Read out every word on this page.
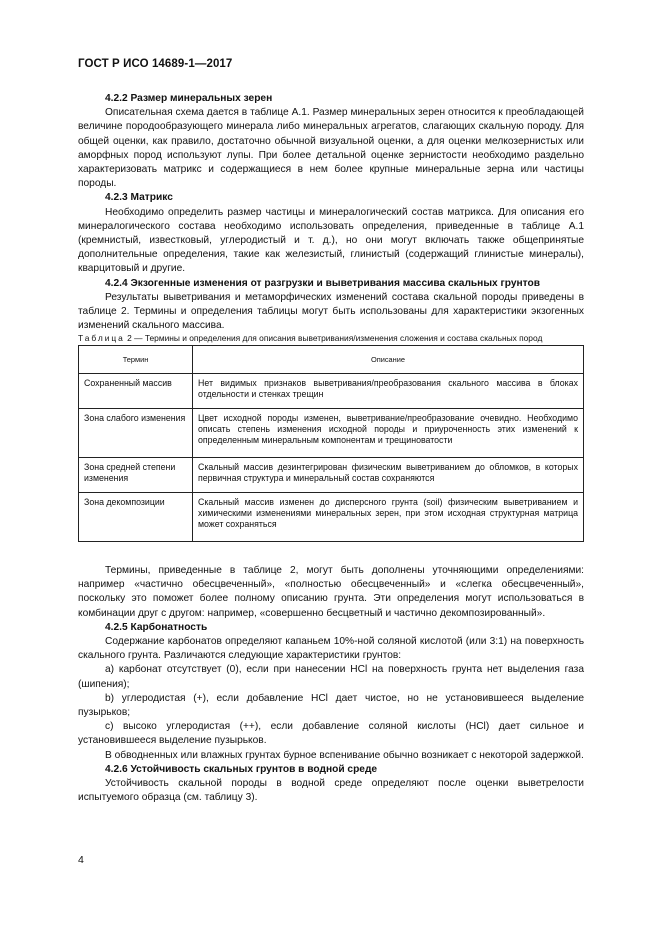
ГОСТ Р ИСО 14689-1—2017

4.2.2 Размер минеральных зерен

Описательная схема дается в таблице А.1. Размер минеральных зерен относится к преобладающей величине породообразующего минерала либо минеральных агрегатов, слагающих скальную породу. Для общей оценки, как правило, достаточно обычной визуальной оценки, а для оценки мелкозернистых или аморфных пород используют лупы. При более детальной оценке зернистости необходимо раздельно характеризовать матрикс и содержащиеся в нем более крупные минеральные зерна или частицы породы.

4.2.3 Матрикс

Необходимо определить размер частицы и минералогический состав матрикса. Для описания его минералогического состава необходимо использовать определения, приведенные в таблице А.1 (кремнистый, известковый, углеродистый и т. д.), но они могут включать также общепринятые дополнительные определения, такие как железистый, глинистый (содержащий глинистые минералы), кварцитовый и другие.

4.2.4 Экзогенные изменения от разгрузки и выветривания массива скальных грунтов

Результаты выветривания и метаморфических изменений состава скальной породы приведены в таблице 2. Термины и определения таблицы могут быть использованы для характеристики экзогенных изменений скального массива.

Таблица 2 — Термины и определения для описания выветривания/изменения сложения и состава скальных пород

Термин	Описание
Сохраненный массив	Нет видимых признаков выветривания/преобразования скального массива в блоках отдельности и стенках трещин
Зона слабого изменения	Цвет исходной породы изменен, выветривание/преобразование очевидно. Необходимо описать степень изменения исходной породы и приуроченность этих изменений к определенным минеральным компонентам и трещиноватости
Зона средней степени изменения	Скальный массив дезинтегрирован физическим выветриванием до обломков, в которых первичная структура и минеральный состав сохраняются
Зона декомпозиции	Скальный массив изменен до дисперсного грунта (soil) физическим выветриванием и химическими изменениями минеральных зерен, при этом исходная структурная матрица может сохраняться

Термины, приведенные в таблице 2, могут быть дополнены уточняющими определениями: например «частично обесцвеченный», «полностью обесцвеченный» и «слегка обесцвеченный», поскольку это поможет более полному описанию грунта. Эти определения могут использоваться в комбинации друг с другом: например, «совершенно бесцветный и частично декомпозированный».

4.2.5 Карбонатность

Содержание карбонатов определяют капаньем 10%-ной соляной кислотой (или 3:1) на поверхность скального грунта. Различаются следующие характеристики грунтов:

а) карбонат отсутствует (0), если при нанесении HCl на поверхность грунта нет выделения газа (шипения);

b) углеродистая (+), если добавление HCl дает чистое, но не установившееся выделение пузырьков;

с) высоко углеродистая (++), если добавление соляной кислоты (HCl) дает сильное и установившееся выделение пузырьков.

В обводненных или влажных грунтах бурное вспенивание обычно возникает с некоторой задержкой.

4.2.6 Устойчивость скальных грунтов в водной среде

Устойчивость скальной породы в водной среде определяют после оценки выветрелости испытуемого образца (см. таблицу 3).

4
